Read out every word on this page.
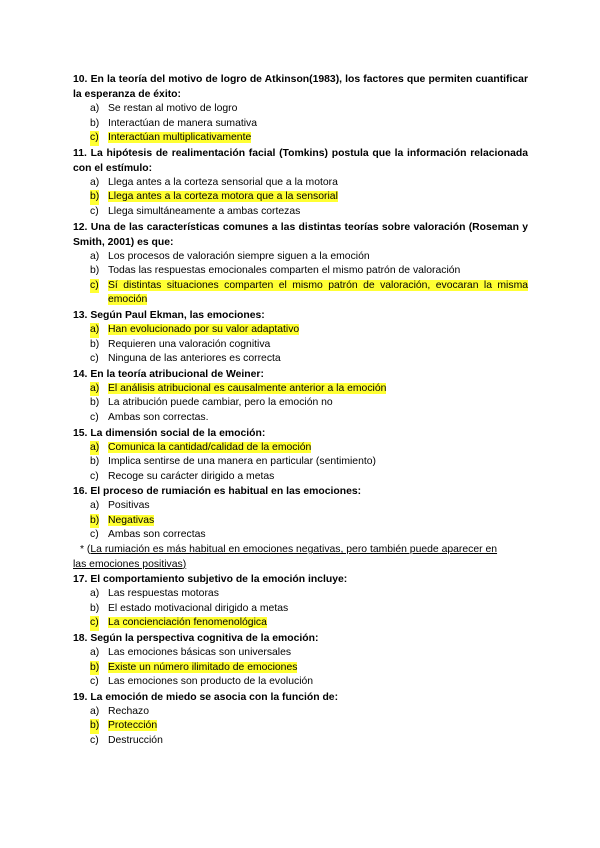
10. En la teoría del motivo de logro de Atkinson(1983), los factores que permiten cuantificar la esperanza de éxito:

a) Se restan al motivo de logro
b) Interactúan de manera sumativa
c) Interactúan multiplicativamente

11. La hipótesis de realimentación facial (Tomkins) postula que la información relacionada con el estímulo:

a) Llega antes a la corteza sensorial que a la motora
b) Llega antes a la corteza motora que a la sensorial
c) Llega simultáneamente a ambas cortezas

12. Una de las características comunes a las distintas teorías sobre valoración (Roseman y Smith, 2001) es que:

a) Los procesos de valoración siempre siguen a la emoción
b) Todas las respuestas emocionales comparten el mismo patrón de valoración
c) Sí distintas situaciones comparten el mismo patrón de valoración, evocaran la misma emoción

13. Según Paul Ekman, las emociones:

a) Han evolucionado por su valor adaptativo
b) Requieren una valoración cognitiva
c) Ninguna de las anteriores es correcta

14. En la teoría atribucional de Weiner:

a) El análisis atribucional es causalmente anterior a la emoción
b) La atribución puede cambiar, pero la emoción no
c) Ambas son correctas.

15. La dimensión social de la emoción:

a) Comunica la cantidad/calidad de la emoción
b) Implica sentirse de una manera en particular (sentimiento)
c) Recoge su carácter dirigido a metas

16. El proceso de rumiación es habitual en las emociones:

a) Positivas
b) Negativas
c) Ambas son correctas

* (La rumiación es más habitual en emociones negativas, pero también puede aparecer en

las emociones positivas)

17. El comportamiento subjetivo de la emoción incluye:

a) Las respuestas motoras
b) El estado motivacional dirigido a metas
c) La concienciación fenomenológica

18. Según la perspectiva cognitiva de la emoción:

a) Las emociones básicas son universales
b) Existe un número ilimitado de emociones
c) Las emociones son producto de la evolución

19. La emoción de miedo se asocia con la función de:

a) Rechazo
b) Protección
c) Destrucción
